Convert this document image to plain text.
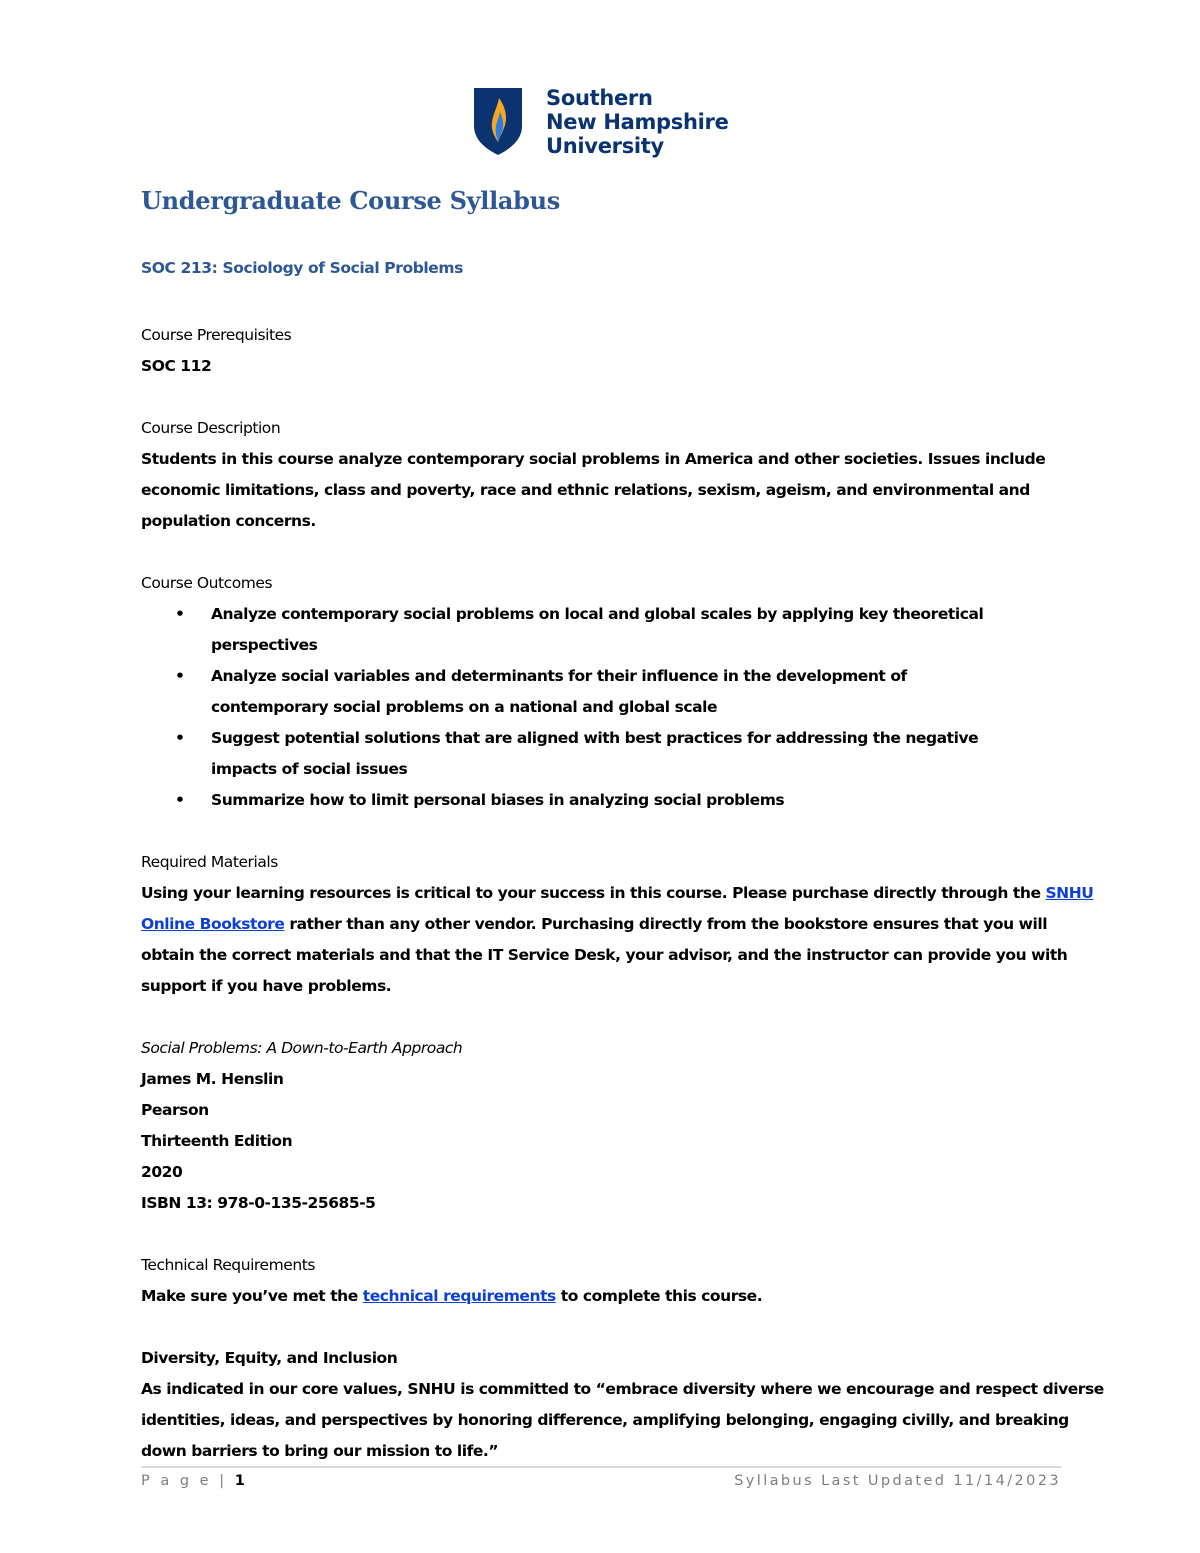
Southern
New Hampshire
University
Undergraduate Course Syllabus
SOC 213: Sociology of Social Problems
Course Prerequisites
SOC 112
Course Description
Students in this course analyze contemporary social problems in America and other societies. Issues include
economic limitations, class and poverty, race and ethnic relations, sexism, ageism, and environmental and
population concerns.
Course Outcomes
• Analyze contemporary social problems on local and global scales by applying key theoretical perspectives
• Analyze social variables and determinants for their influence in the development of contemporary social problems on a national and global scale
• Suggest potential solutions that are aligned with best practices for addressing the negative impacts of social issues
• Summarize how to limit personal biases in analyzing social problems
Required Materials
Using your learning resources is critical to your success in this course. Please purchase directly through the SNHU
Online Bookstore rather than any other vendor. Purchasing directly from the bookstore ensures that you will
obtain the correct materials and that the IT Service Desk, your advisor, and the instructor can provide you with
support if you have problems.
Social Problems: A Down-to-Earth Approach
James M. Henslin
Pearson
Thirteenth Edition
2020
ISBN 13: 978-0-135-25685-5
Technical Requirements
Make sure you’ve met the technical requirements to complete this course.
Diversity, Equity, and Inclusion
As indicated in our core values, SNHU is committed to “embrace diversity where we encourage and respect diverse
identities, ideas, and perspectives by honoring difference, amplifying belonging, engaging civilly, and breaking
down barriers to bring our mission to life.”
P a g e | 1	Syllabus Last Updated 11/14/2023
